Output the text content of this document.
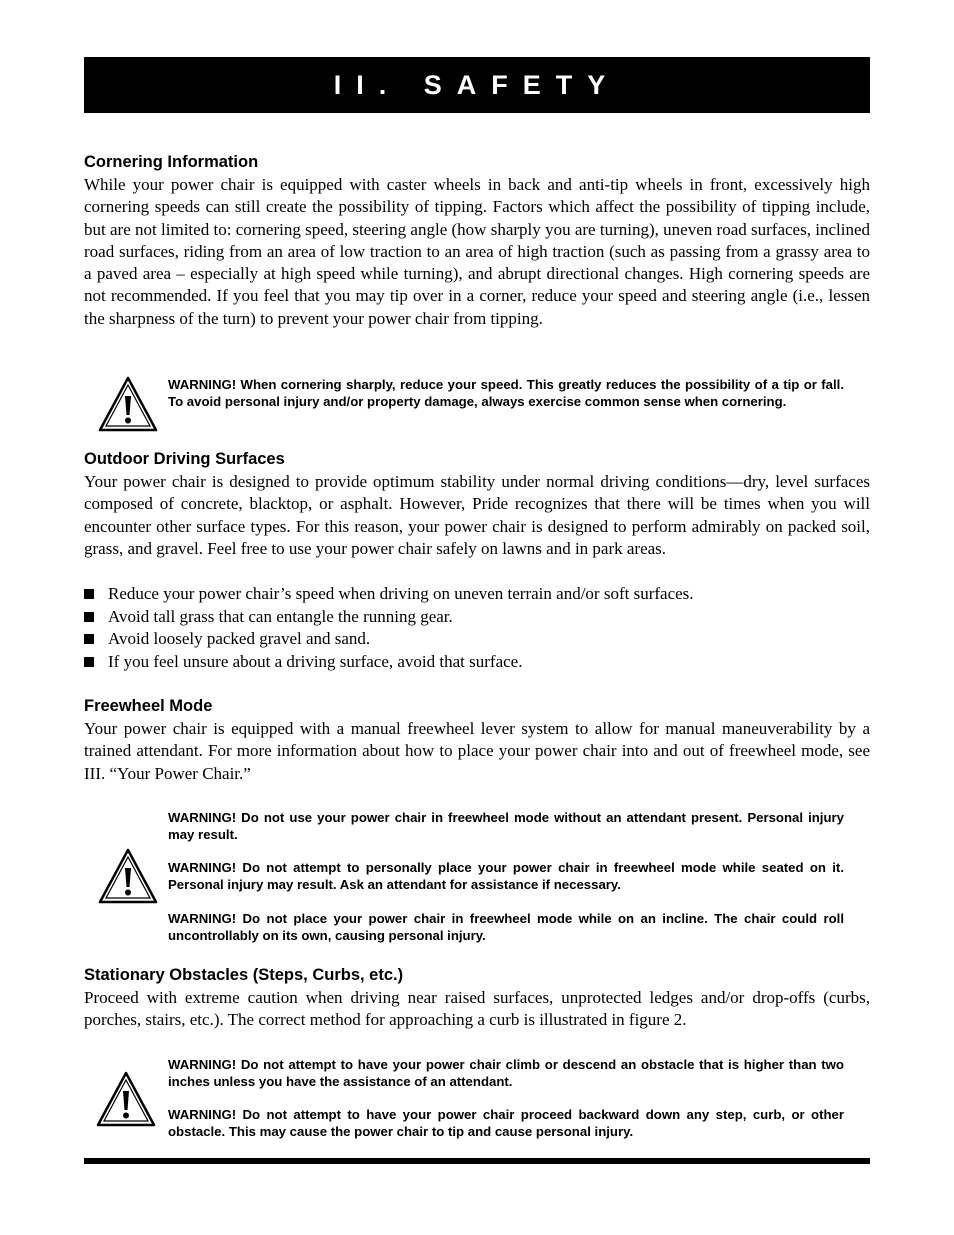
II. SAFETY
Cornering Information

While your power chair is equipped with caster wheels in back and anti-tip wheels in front, excessively high cornering speeds can still create the possibility of tipping. Factors which affect the possibility of tipping include, but are not limited to: cornering speed, steering angle (how sharply you are turning), uneven road surfaces, inclined road surfaces, riding from an area of low traction to an area of high traction (such as passing from a grassy area to a paved area – especially at high speed while turning), and abrupt directional changes. High cornering speeds are not recommended. If you feel that you may tip over in a corner, reduce your speed and steering angle (i.e., lessen the sharpness of the turn) to prevent your power chair from tipping.

WARNING! When cornering sharply, reduce your speed. This greatly reduces the possibility of a tip or fall. To avoid personal injury and/or property damage, always exercise common sense when cornering.

Outdoor Driving Surfaces

Your power chair is designed to provide optimum stability under normal driving conditions—dry, level surfaces composed of concrete, blacktop, or asphalt. However, Pride recognizes that there will be times when you will encounter other surface types. For this reason, your power chair is designed to perform admirably on packed soil, grass, and gravel. Feel free to use your power chair safely on lawns and in park areas.

Reduce your power chair’s speed when driving on uneven terrain and/or soft surfaces.
Avoid tall grass that can entangle the running gear.
Avoid loosely packed gravel and sand.
If you feel unsure about a driving surface, avoid that surface.
Freewheel Mode

Your power chair is equipped with a manual freewheel lever system to allow for manual maneuverability by a trained attendant. For more information about how to place your power chair into and out of freewheel mode, see III. “Your Power Chair.”

WARNING! Do not use your power chair in freewheel mode without an attendant present. Personal injury may result.

WARNING! Do not attempt to personally place your power chair in freewheel mode while seated on it. Personal injury may result. Ask an attendant for assistance if necessary.

WARNING! Do not place your power chair in freewheel mode while on an incline. The chair could roll uncontrollably on its own, causing personal injury.

Stationary Obstacles (Steps, Curbs, etc.)

Proceed with extreme caution when driving near raised surfaces, unprotected ledges and/or drop-offs (curbs, porches, stairs, etc.). The correct method for approaching a curb is illustrated in figure 2.

WARNING! Do not attempt to have your power chair climb or descend an obstacle that is higher than two inches unless you have the assistance of an attendant.

WARNING! Do not attempt to have your power chair proceed backward down any step, curb, or other obstacle. This may cause the power chair to tip and cause personal injury.
